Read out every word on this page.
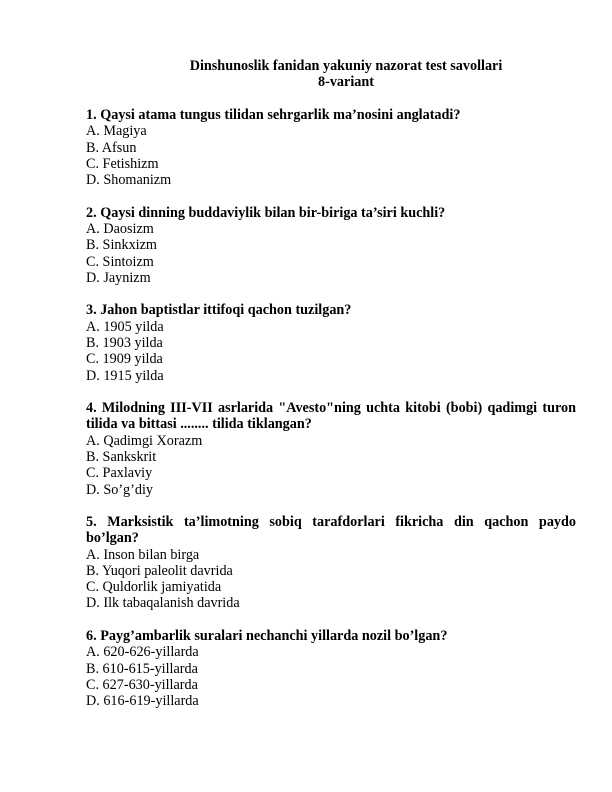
Dinshunoslik fanidan yakuniy nazorat test savollari
8-variant
1. Qaysi atama tungus tilidan sehrgarlik ma’nosini anglatadi?
A. Magiya
B. Afsun
C. Fetishizm
D. Shomanizm
2. Qaysi dinning buddaviylik bilan bir-biriga ta’siri kuchli?
A. Daosizm
B. Sinkxizm
C. Sintoizm
D. Jaynizm
3. Jahon baptistlar ittifoqi qachon tuzilgan?
A. 1905 yilda
B. 1903 yilda
C. 1909 yilda
D. 1915 yilda
4. Milodning III-VII asrlarida "Avesto"ning uchta kitobi (bobi) qadimgi turon tilida va bittasi ........ tilida tiklangan?
A. Qadimgi Xorazm
B. Sankskrit
C. Paxlaviy
D. So’g’diy
5. Marksistik ta’limotning sobiq tarafdorlari fikricha din qachon paydo bo’lgan?
A. Inson bilan birga
B. Yuqori paleolit davrida
C. Quldorlik jamiyatida
D. Ilk tabaqalanish davrida
6. Payg’ambarlik suralari nechanchi yillarda nozil bo’lgan?
A. 620-626-yillarda
B. 610-615-yillarda
C. 627-630-yillarda
D. 616-619-yillarda
